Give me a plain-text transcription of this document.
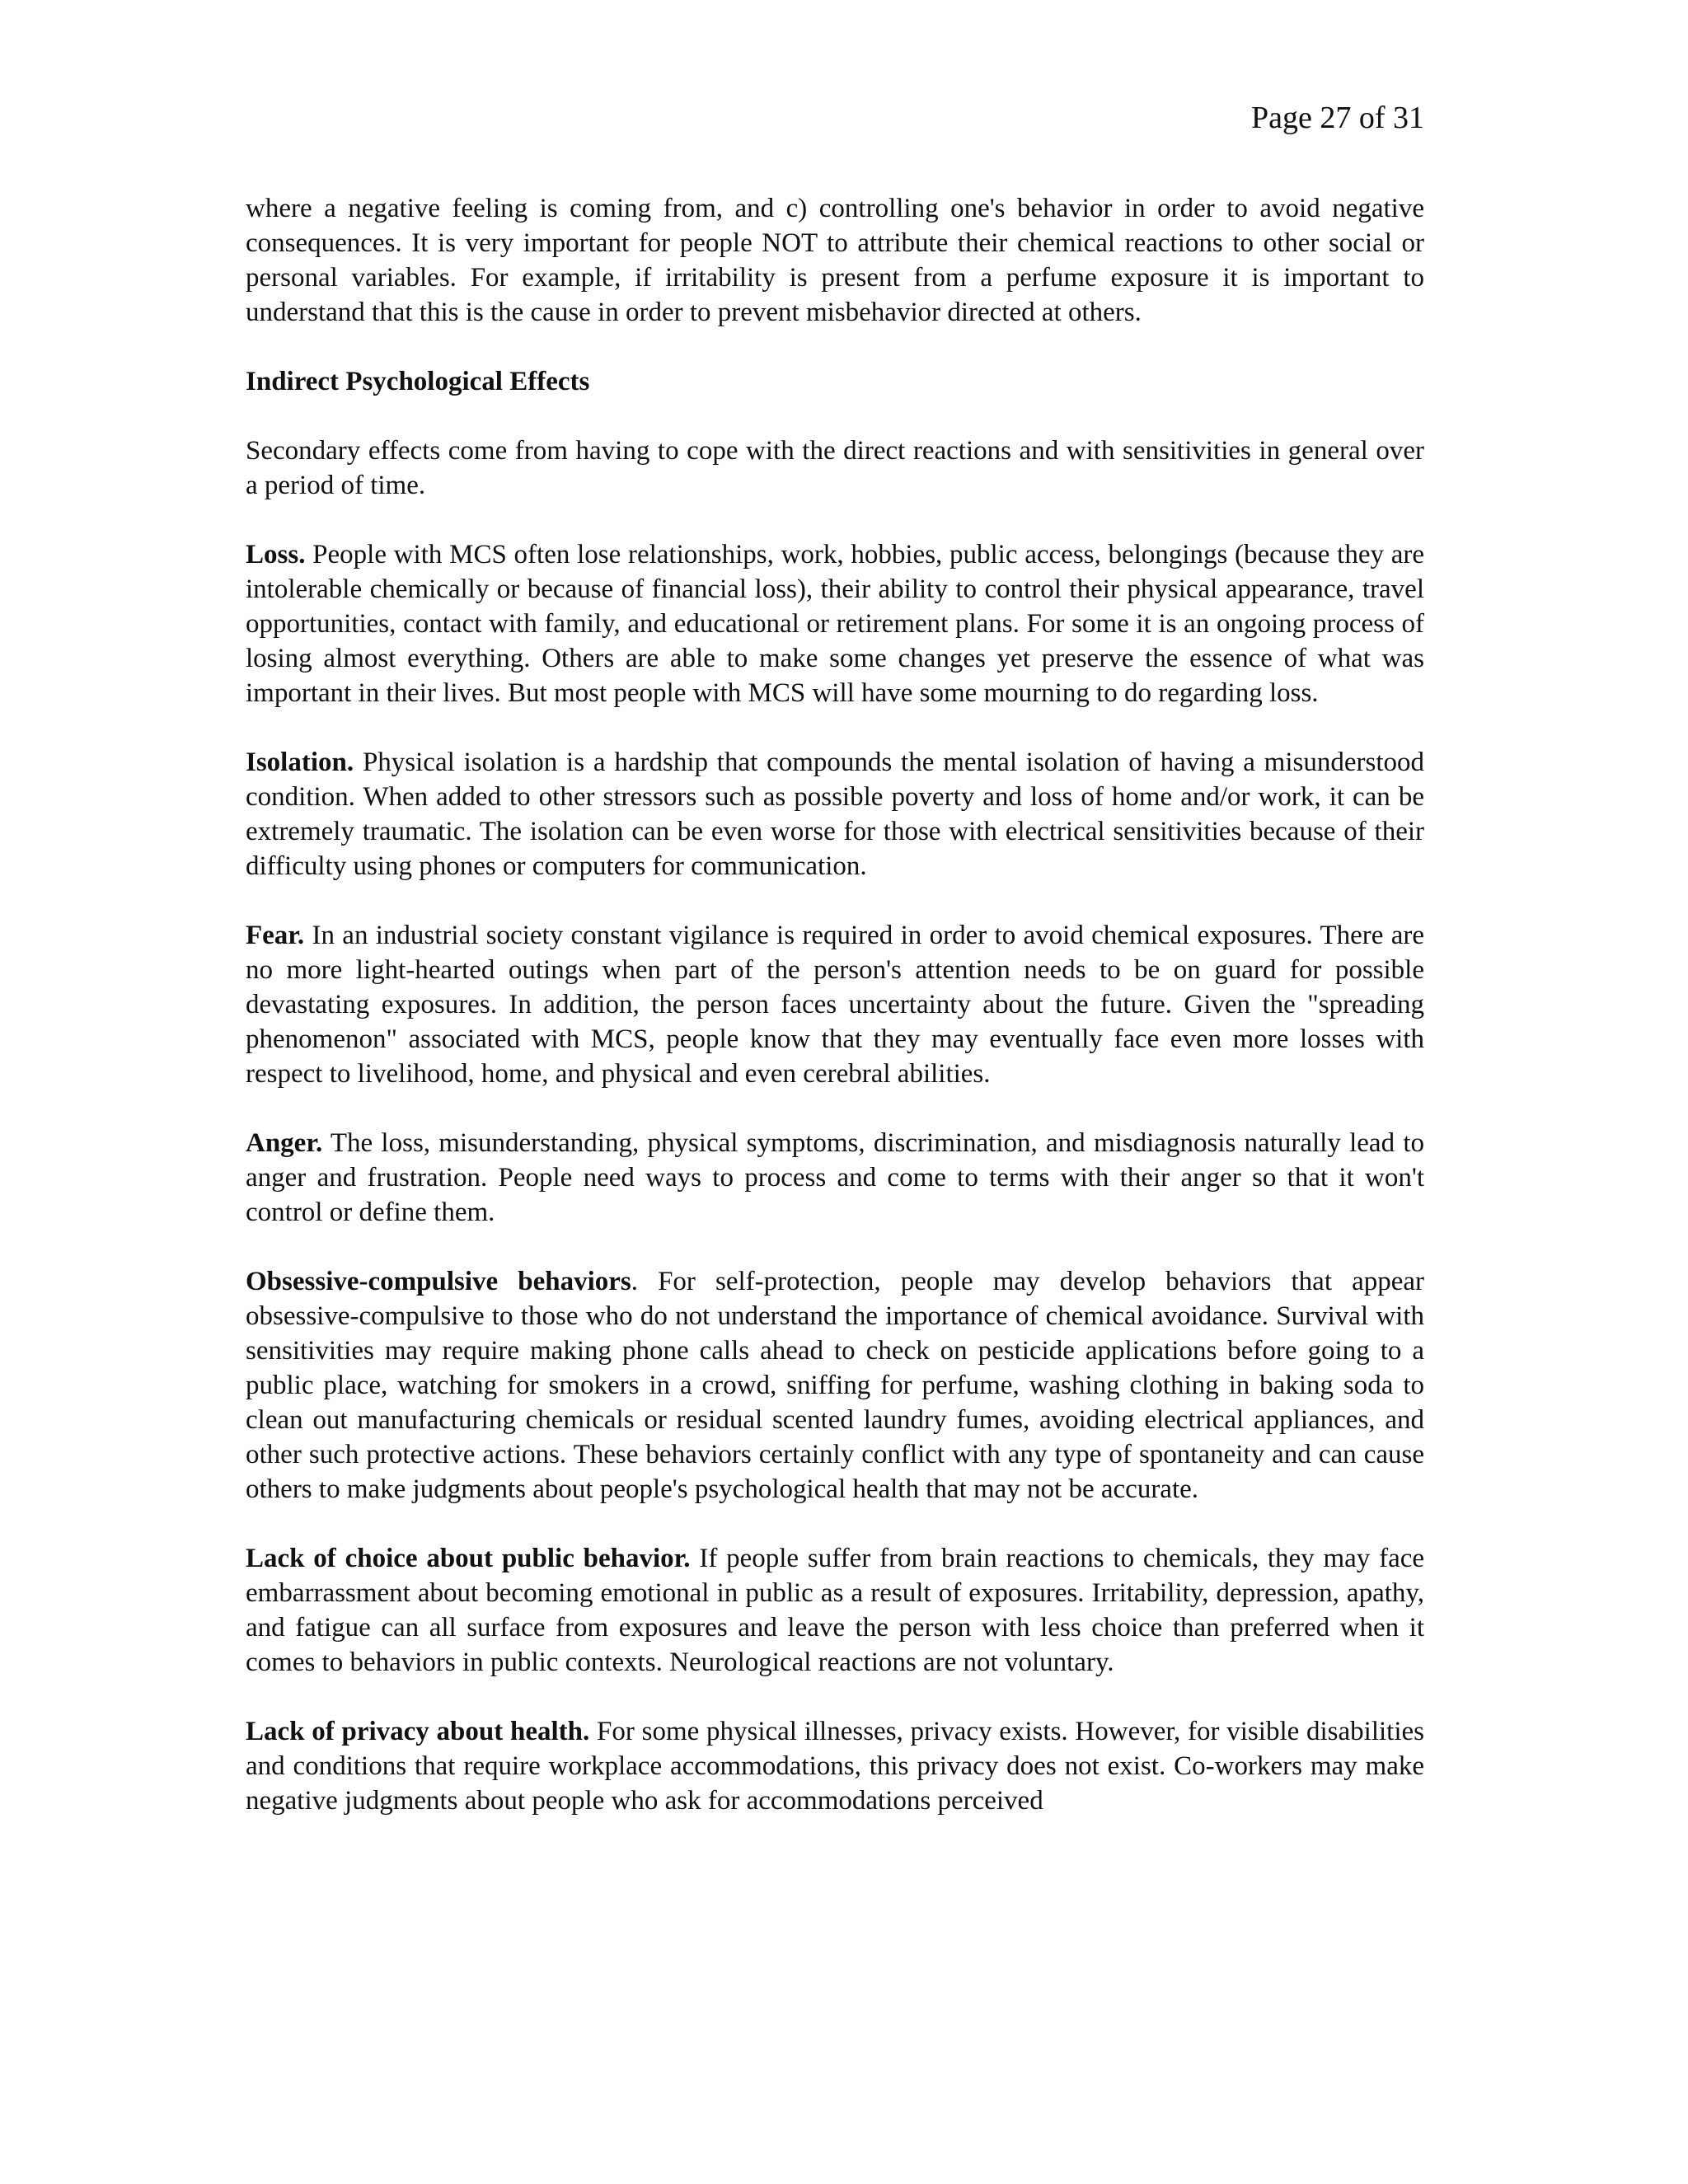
Page 27 of 31

where a negative feeling is coming from, and c) controlling one's behavior in order to avoid negative consequences. It is very important for people NOT to attribute their chemical reactions to other social or personal variables. For example, if irritability is present from a perfume exposure it is important to understand that this is the cause in order to prevent misbehavior directed at others.

Indirect Psychological Effects

Secondary effects come from having to cope with the direct reactions and with sensitivities in general over a period of time.

Loss. People with MCS often lose relationships, work, hobbies, public access, belongings (because they are intolerable chemically or because of financial loss), their ability to control their physical appearance, travel opportunities, contact with family, and educational or retirement plans. For some it is an ongoing process of losing almost everything. Others are able to make some changes yet preserve the essence of what was important in their lives. But most people with MCS will have some mourning to do regarding loss.

Isolation. Physical isolation is a hardship that compounds the mental isolation of having a misunderstood condition. When added to other stressors such as possible poverty and loss of home and/or work, it can be extremely traumatic. The isolation can be even worse for those with electrical sensitivities because of their difficulty using phones or computers for communication.

Fear. In an industrial society constant vigilance is required in order to avoid chemical exposures. There are no more light-hearted outings when part of the person's attention needs to be on guard for possible devastating exposures. In addition, the person faces uncertainty about the future. Given the "spreading phenomenon" associated with MCS, people know that they may eventually face even more losses with respect to livelihood, home, and physical and even cerebral abilities.

Anger. The loss, misunderstanding, physical symptoms, discrimination, and misdiagnosis naturally lead to anger and frustration. People need ways to process and come to terms with their anger so that it won't control or define them.

Obsessive-compulsive behaviors. For self-protection, people may develop behaviors that appear obsessive-compulsive to those who do not understand the importance of chemical avoidance. Survival with sensitivities may require making phone calls ahead to check on pesticide applications before going to a public place, watching for smokers in a crowd, sniffing for perfume, washing clothing in baking soda to clean out manufacturing chemicals or residual scented laundry fumes, avoiding electrical appliances, and other such protective actions. These behaviors certainly conflict with any type of spontaneity and can cause others to make judgments about people's psychological health that may not be accurate.

Lack of choice about public behavior. If people suffer from brain reactions to chemicals, they may face embarrassment about becoming emotional in public as a result of exposures. Irritability, depression, apathy, and fatigue can all surface from exposures and leave the person with less choice than preferred when it comes to behaviors in public contexts. Neurological reactions are not voluntary.

Lack of privacy about health. For some physical illnesses, privacy exists. However, for visible disabilities and conditions that require workplace accommodations, this privacy does not exist. Co-workers may make negative judgments about people who ask for accommodations perceived
